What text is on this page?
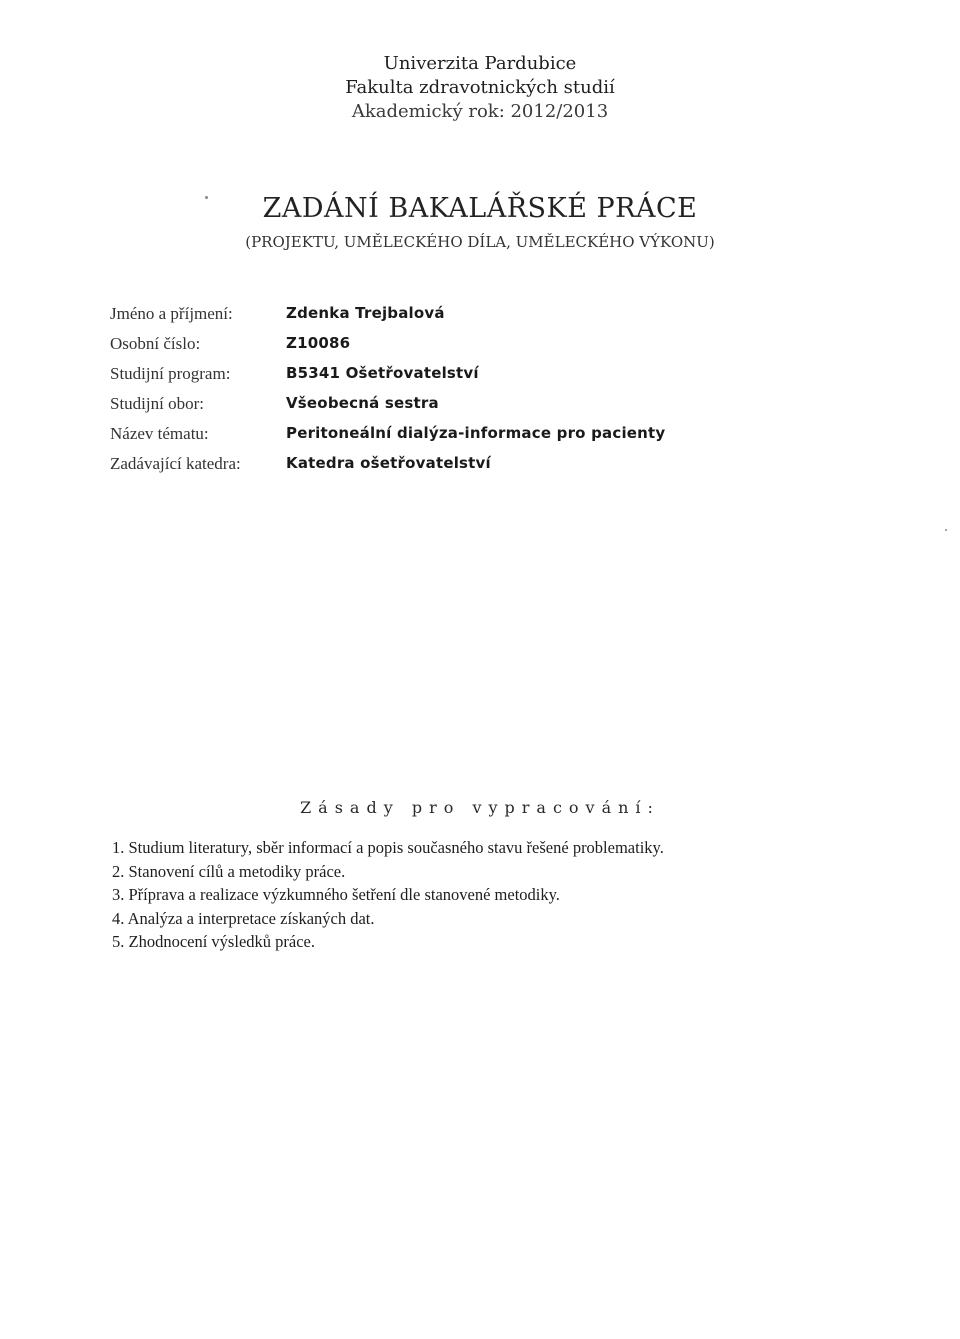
Univerzita Pardubice
Fakulta zdravotnických studií
Akademický rok: 2012/2013
ZADÁNÍ BAKALÁŘSKÉ PRÁCE
(PROJEKTU, UMĚLECKÉHO DÍLA, UMĚLECKÉHO VÝKONU)
Jméno a příjmení:	Zdenka Trejbalová
Osobní číslo:	Z10086
Studijní program:	B5341 Ošetřovatelství
Studijní obor:	Všeobecná sestra
Název tématu:	Peritoneální dialýza-informace pro pacienty
Zadávající katedra:	Katedra ošetřovatelství
Zásady pro vypracování:
1. Studium literatury, sběr informací a popis současného stavu řešené problematiky.
2. Stanovení cílů a metodiky práce.
3. Příprava a realizace výzkumného šetření dle stanovené metodiky.
4. Analýza a interpretace získaných dat.
5. Zhodnocení výsledků práce.
